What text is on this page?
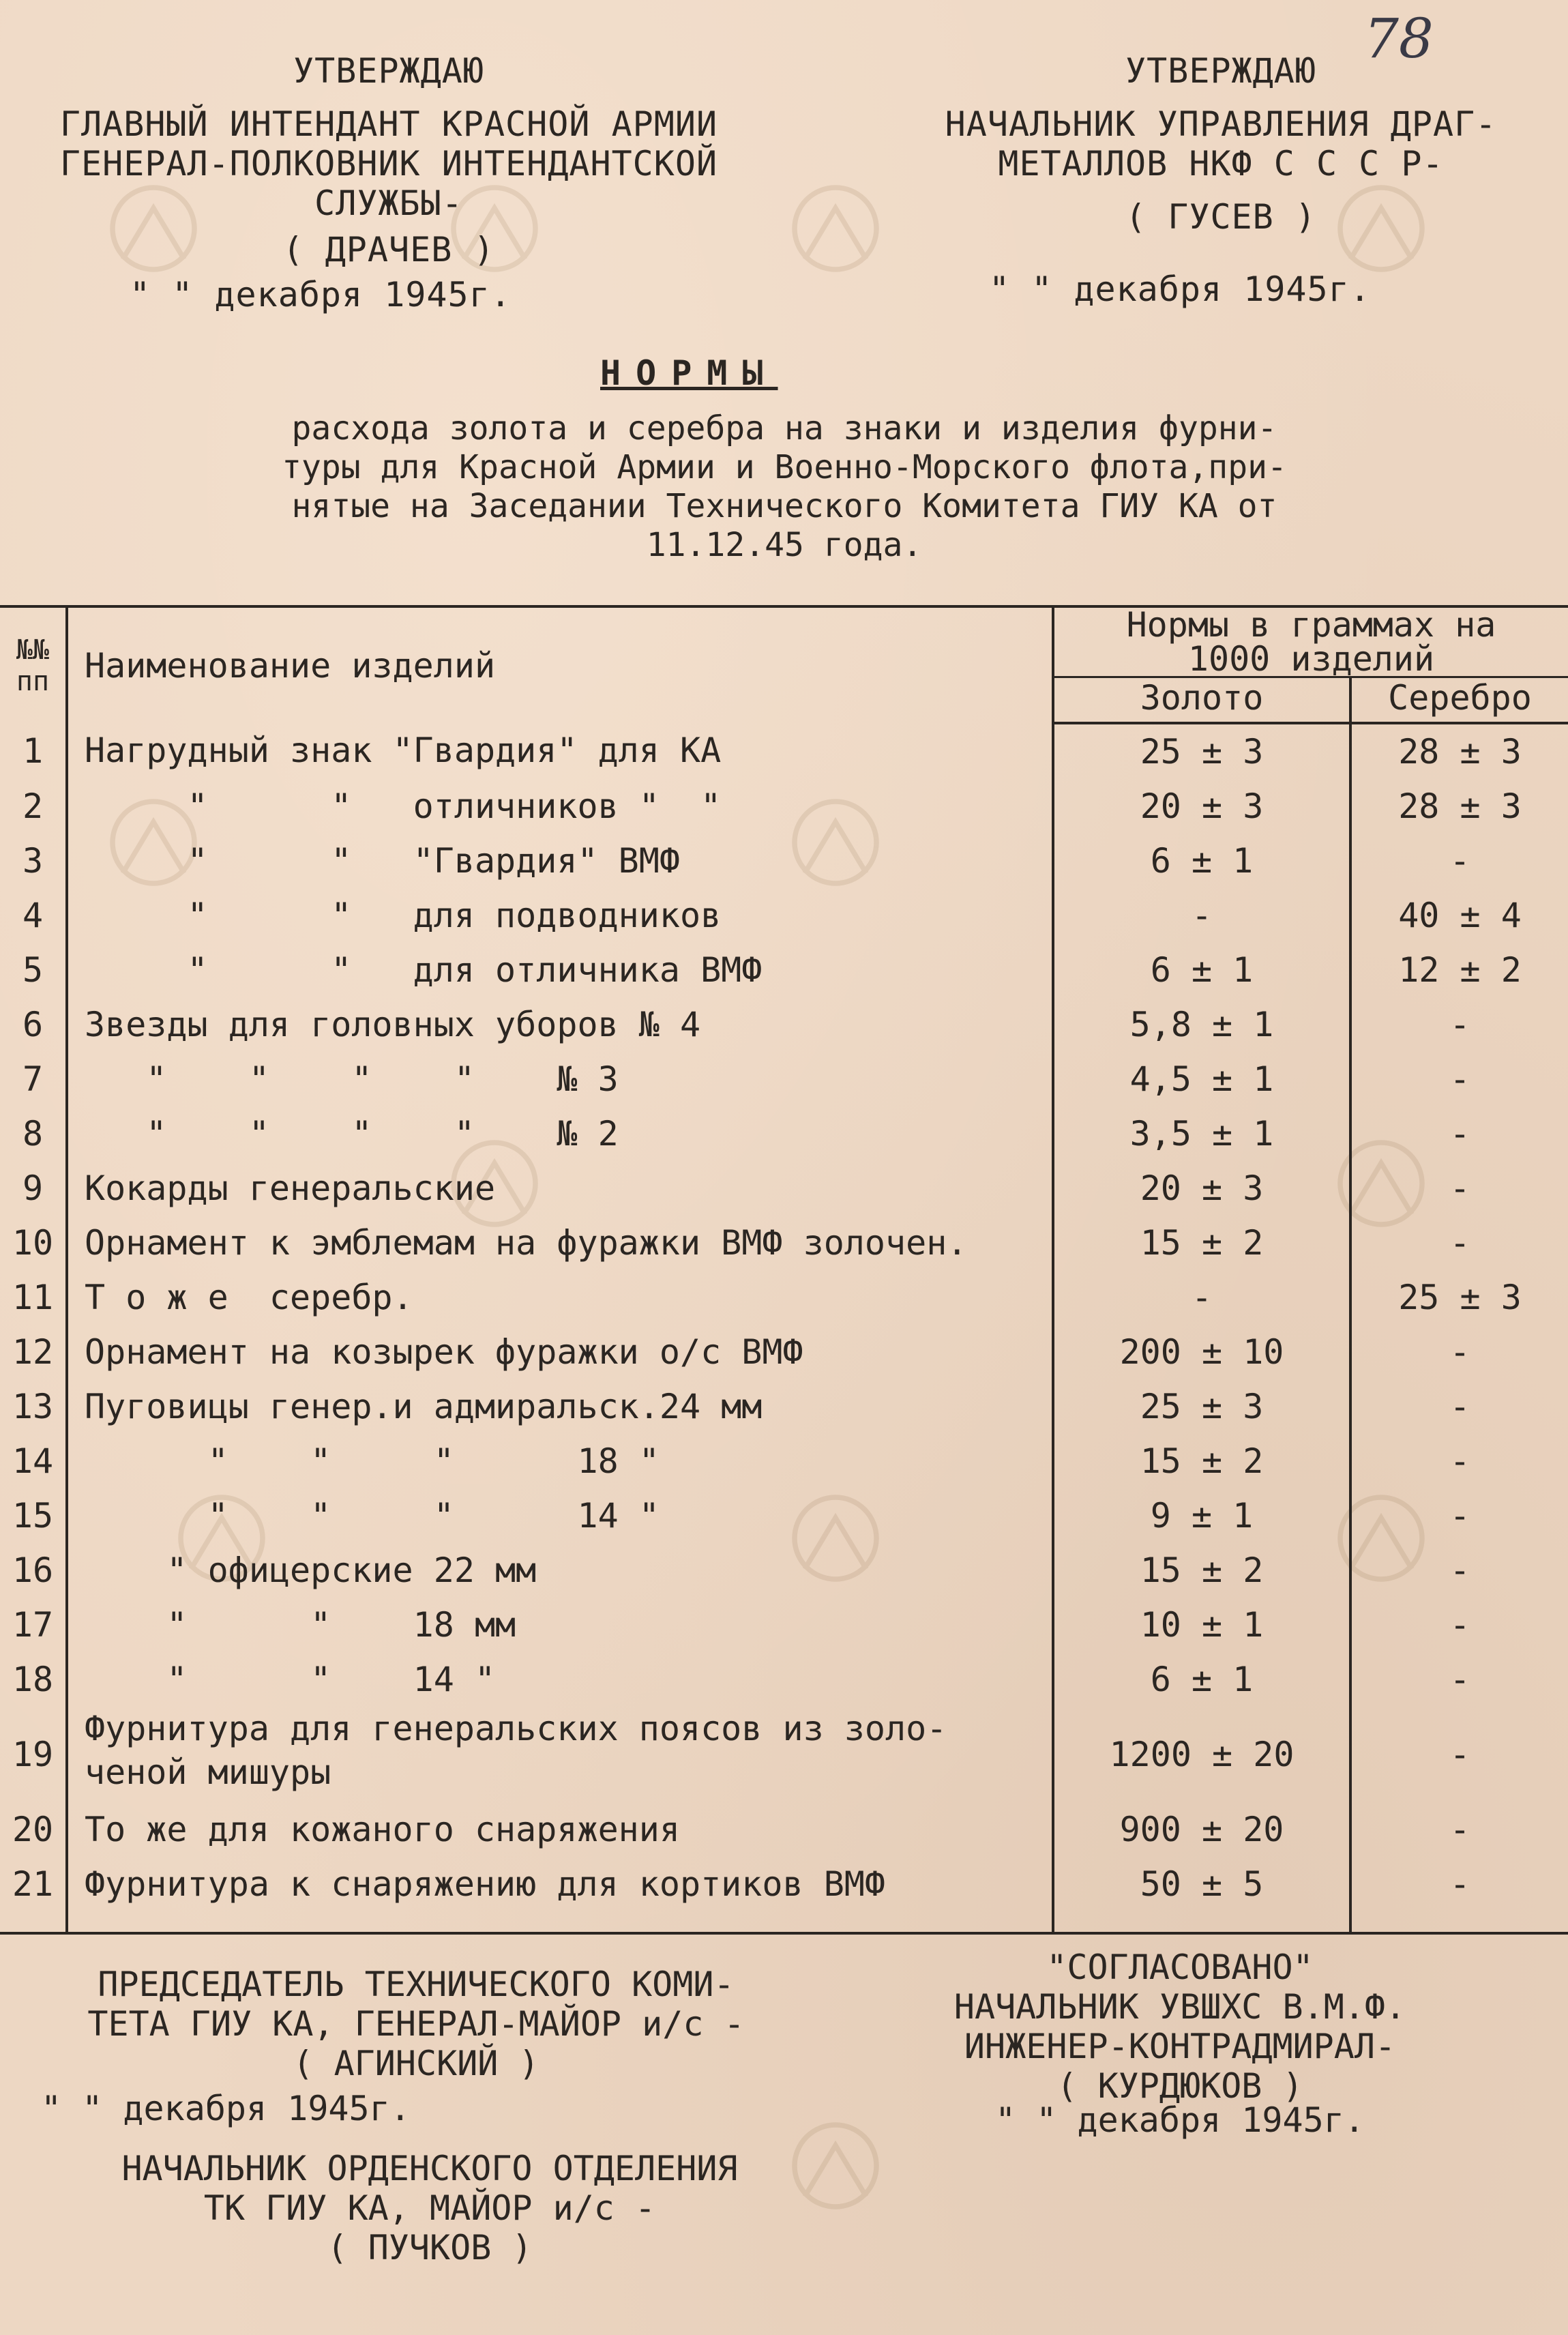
78
УТВЕРЖДАЮ
ГЛАВНЫЙ ИНТЕНДАНТ КРАСНОЙ АРМИИ
ГЕНЕРАЛ-ПОЛКОВНИК ИНТЕНДАНТСКОЙ
СЛУЖБЫ-
( ДРАЧЕВ )
" " декабря 1945г.
УТВЕРЖДАЮ
НАЧАЛЬНИК УПРАВЛЕНИЯ ДРАГ-
МЕТАЛЛОВ НКФ С С С Р-
( ГУСЕВ )
" " декабря 1945г.
НОРМЫ
расхода золота и серебра на знаки и изделия фурни-
туры для Красной Армии и Военно-Морского флота,при-
нятые на Заседании Технического Комитета ГИУ КА от
11.12.45 года.
№№ пп	Наименование изделий	Нормы в граммах на 1000 изделий	
		Золото	Серебро
1	Нагрудный знак "Гвардия" для КА	25 ± 3	28 ± 3
2	"      "   отличников "  "	20 ± 3	28 ± 3
3	"      "   "Гвардия" ВМФ	6 ± 1	-
4	"      "   для подводников	-	40 ± 4
5	"      "   для отличника ВМФ	6 ± 1	12 ± 2
6	Звезды для головных уборов № 4	5,8 ± 1	-
7	"    "    "    "    № 3	4,5 ± 1	-
8	"    "    "    "    № 2	3,5 ± 1	-
9	Кокарды генеральские	20 ± 3	-
10	Орнамент к эмблемам на фуражки ВМФ золочен.	15 ± 2	-
11	Т о ж е  серебр.	-	25 ± 3
12	Орнамент на козырек фуражки о/с ВМФ	200 ± 10	-
13	Пуговицы генер.и адмиральск.24 мм	25 ± 3	-
14	"    "     "      18 "	15 ± 2	-
15	"    "     "      14 "	9 ± 1	-
16	" офицерские 22 мм	15 ± 2	-
17	"      "    18 мм	10 ± 1	-
18	"      "    14 "	6 ± 1	-
19	Фурнитура для генеральских поясов из золо-
ченой мишуры	1200 ± 20	-
20	То же для кожаного снаряжения	900 ± 20	-
21	Фурнитура к снаряжению для кортиков ВМФ	50 ± 5	-

ПРЕДСЕДАТЕЛЬ ТЕХНИЧЕСКОГО КОМИ-
ТЕТА ГИУ КА, ГЕНЕРАЛ-МАЙОР и/с -
( АГИНСКИЙ )
" " декабря 1945г.
"СОГЛАСОВАНО"
НАЧАЛЬНИК УВШХС В.М.Ф.
ИНЖЕНЕР-КОНТРАДМИРАЛ-
( КУРДЮКОВ )
" " декабря 1945г.
НАЧАЛЬНИК ОРДЕНСКОГО ОТДЕЛЕНИЯ
ТК ГИУ КА, МАЙОР и/с -
( ПУЧКОВ )
